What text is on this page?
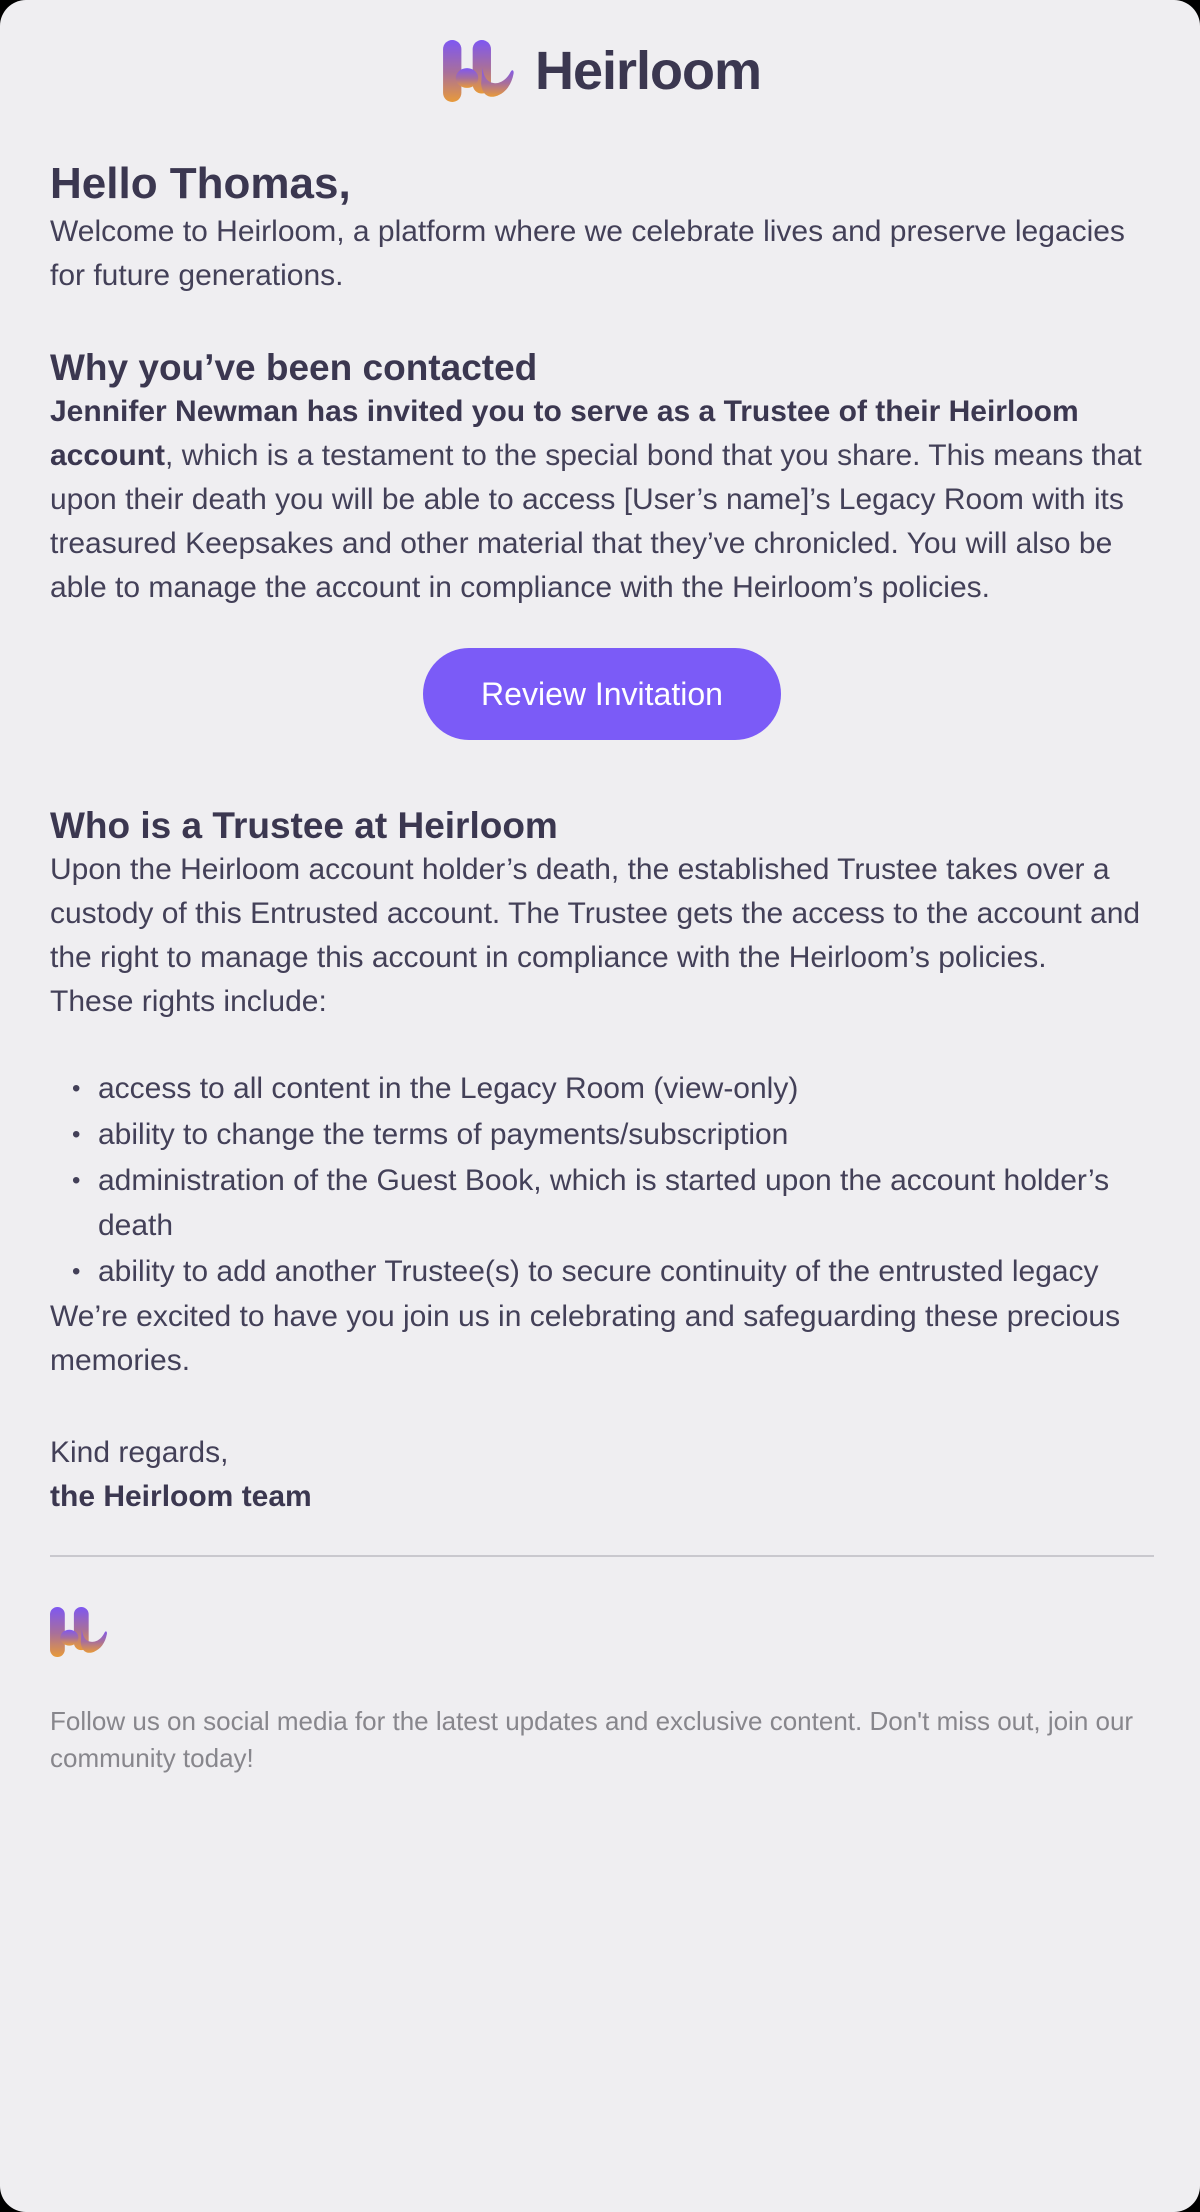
Heirloom
Hello Thomas,

Welcome to Heirloom, a platform where we celebrate lives and preserve legacies for future generations.

Why you’ve been contacted

Jennifer Newman has invited you to serve as a Trustee of their Heirloom account, which is a testament to the special bond that you share. This means that upon their death you will be able to access [User’s name]’s Legacy Room with its treasured Keepsakes and other material that they’ve chronicled. You will also be able to manage the account in compliance with the Heirloom’s policies.

Review Invitation
Who is a Trustee at Heirloom

Upon the Heirloom account holder’s death, the established Trustee takes over a custody of this Entrusted account. The Trustee gets the access to the account and the right to manage this account in compliance with the Heirloom’s policies.

These rights include:

• access to all content in the Legacy Room (view-only)
• ability to change the terms of payments/subscription
• administration of the Guest Book, which is started upon the account holder’s death
• ability to add another Trustee(s) to secure continuity of the entrusted legacy

We’re excited to have you join us in celebrating and safeguarding these precious memories.

Kind regards,
the Heirloom team

Follow us on social media for the latest updates and exclusive content. Don't miss out, join our community today!
